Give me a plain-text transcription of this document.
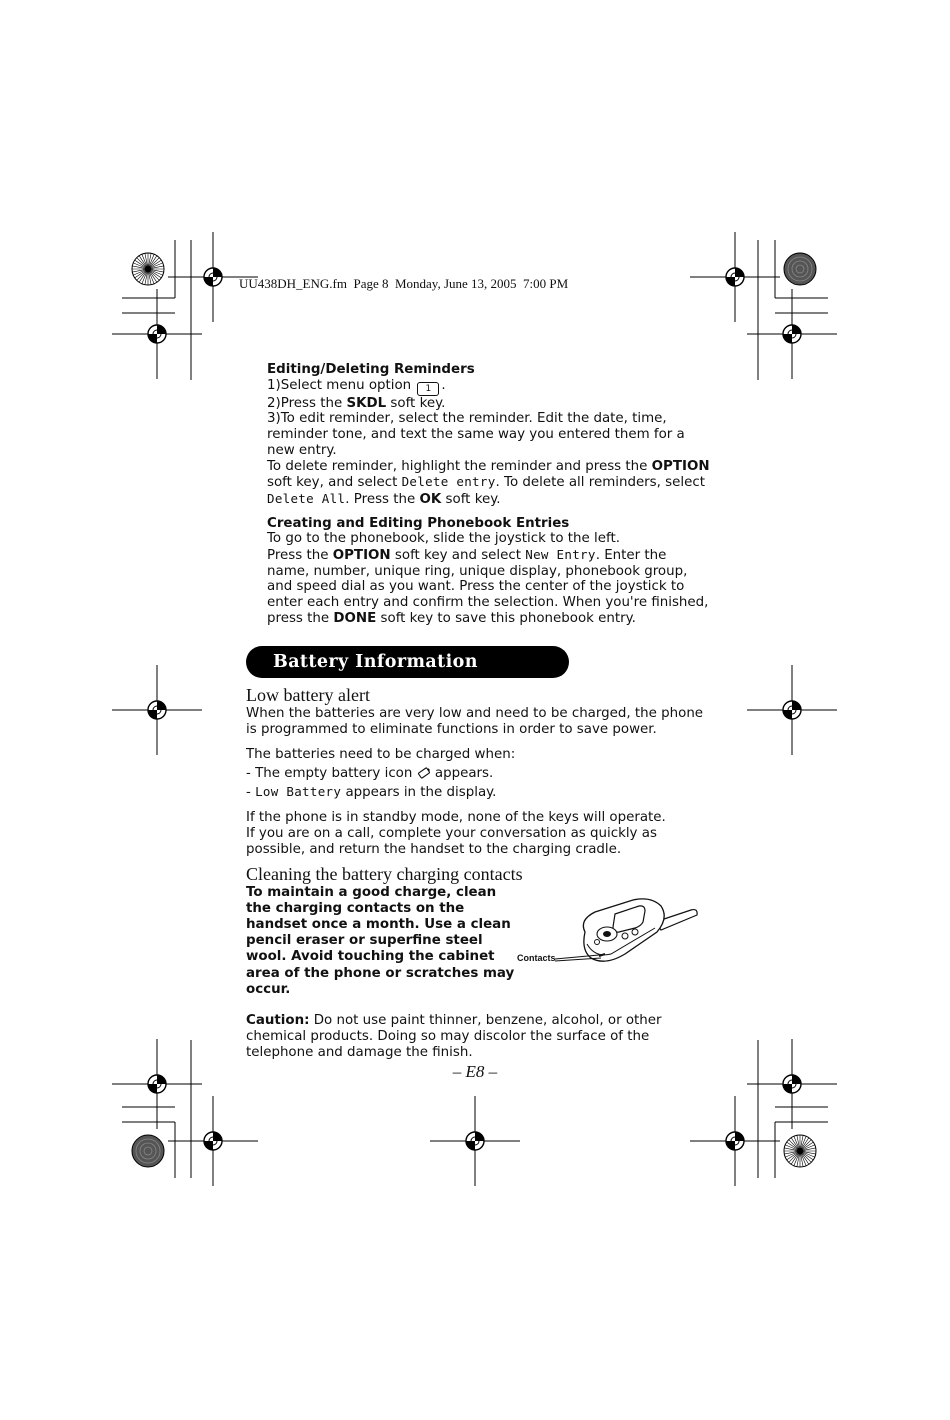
UU438DH_ENG.fm  Page 8  Monday, June 13, 2005  7:00 PM

Editing/Deleting Reminders

1)Select menu option 1 .

2)Press the SKDL soft key.

3)To edit reminder, select the reminder. Edit the date, time, reminder tone, and text the same way you entered them for a new entry.

To delete reminder, highlight the reminder and press the OPTION soft key, and select Delete entry. To delete all reminders, select Delete All. Press the OK soft key.

Creating and Editing Phonebook Entries

To go to the phonebook, slide the joystick to the left.

Press the OPTION soft key and select New Entry. Enter the name, number, unique ring, unique display, phonebook group, and speed dial as you want. Press the center of the joystick to enter each entry and confirm the selection. When you're finished, press the DONE soft key to save this phonebook entry.

Battery Information

Low battery alert

When the batteries are very low and need to be charged, the phone is programmed to eliminate functions in order to save power.

The batteries need to be charged when:

- The empty battery icon  appears.

- Low Battery appears in the display.

If the phone is in standby mode, none of the keys will operate.

If you are on a call, complete your conversation as quickly as possible, and return the handset to the charging cradle.

Cleaning the battery charging contacts

To maintain a good charge, clean the charging contacts on the handset once a month. Use a clean pencil eraser or superfine steel wool. Avoid touching the cabinet area of the phone or scratches may occur.

Caution: Do not use paint thinner, benzene, alcohol, or other chemical products. Doing so may discolor the surface of the telephone and damage the finish.

Contacts
– E8 –
